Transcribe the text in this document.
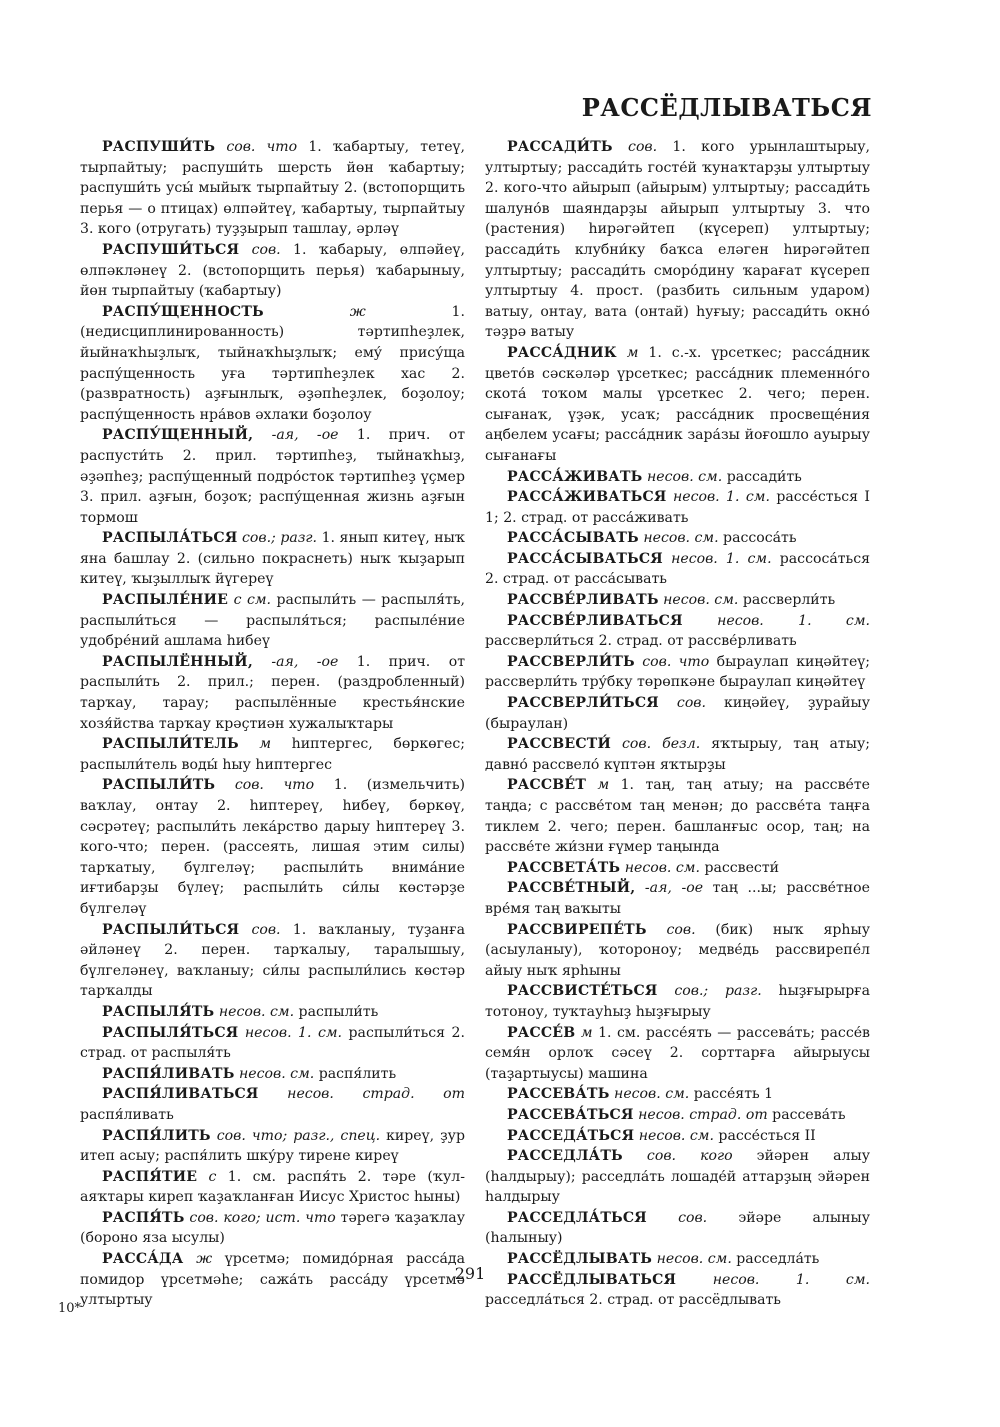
РАССЁДЛЫВАТЬСЯ

РАСПУШИ́ТЬ сов. что 1. ҡабартыу, тетеү, тырпайтыу; распуши́ть шерсть йөн ҡабартыу; распуши́ть усы́ мыйыҡ тырпайтыу 2. (встопорщить перья — о птицах) өлпәйтеү, ҡабартыу, тырпайтыу 3. кого (отругать) туҙҙырып ташлау, әрләү

РАСПУШИ́ТЬСЯ сов. 1. ҡабарыу, өлпәйеү, өлпәкләнеү 2. (встопорщить перья) ҡабарыныу, йөн тырпайтыу (ҡабартыу)

РАСПУ́ЩЕННОСТЬ ж 1. (недисциплинированность) тәртипһеҙлек, йыйнаҡһыҙлыҡ, тыйнаҡһыҙлыҡ; ему́ прису́ща распу́щенность уға тәртипһеҙлек хас 2. (развратность) аҙғынлыҡ, әҙәпһеҙлек, боҙолоу; распу́щенность нра́вов әхлаҡи боҙолоу

РАСПУ́ЩЕННЫЙ, -ая, -ое 1. прич. от распусти́ть 2. прил. тәртипһеҙ, тыйнаҡһыҙ, әҙәпһеҙ; распу́щенный подро́сток тәртипһеҙ үҫмер 3. прил. аҙғын, боҙоҡ; распу́щенная жизнь аҙғын тормош

РАСПЫЛА́ТЬСЯ сов.; разг. 1. янып китеү, ныҡ яна башлау 2. (сильно покраснеть) ныҡ ҡыҙарып китеү, ҡыҙыллыҡ йүгереү

РАСПЫЛЕ́НИЕ с см. распыли́ть — распыля́ть, распыли́ться — распыля́ться; распыле́ние удобре́ний ашлама һибеү

РАСПЫЛЁННЫЙ, -ая, -ое 1. прич. от распыли́ть 2. прил.; перен. (раздробленный) тарҡау, тарау; распылённые крестья́нские хозя́йства тарҡау крәҫтиән хужалыҡтары

РАСПЫЛИ́ТЕЛЬ м һиптергес, бөркөгес; распыли́тель воды́ һыу һиптергес

РАСПЫЛИ́ТЬ сов. что 1. (измельчить) ваҡлау, онтау 2. һиптереү, һибеү, бөркөү, сәсрәтеү; распыли́ть лека́рство дарыу һиптереү 3. кого-что; перен. (рассеять, лишая этим силы) тарҡатыу, бүлгеләү; распыли́ть внима́ние иғтибарҙы бүлеү; распыли́ть си́лы көстәрҙе бүлгеләү

РАСПЫЛИ́ТЬСЯ сов. 1. ваҡланыу, туҙанға әйләнеү 2. перен. тарҡалыу, таралышыу, бүлгеләнеү, ваҡланыу; си́лы распыли́лись көстәр тарҡалды

РАСПЫЛЯ́ТЬ несов. см. распыли́ть

РАСПЫЛЯ́ТЬСЯ несов. 1. см. распыли́ться 2. страд. от распыля́ть

РАСПЯ́ЛИВАТЬ несов. см. распя́лить

РАСПЯ́ЛИВАТЬСЯ несов. страд. от распя́ливать

РАСПЯ́ЛИТЬ сов. что; разг., спец. киреү, ҙур итеп асыу; распя́лить шку́ру тирене киреү

РАСПЯ́ТИЕ с 1. см. распя́ть 2. тәре (ҡул-аяҡтары киреп ҡаҙаҡланған Иисус Христос һыны)

РАСПЯ́ТЬ сов. кого; ист. что тәрегә ҡаҙаҡлау (бороно яза ысулы)

РАССА́ДА ж үрсетмә; помидо́рная расса́да помидор үрсетмәһе; сажа́ть расса́ду үрсетмә ултыртыу

РАССАДИ́ТЬ сов. 1. кого урынлаштырыу, ултыртыу; рассади́ть госте́й ҡунаҡтарҙы ултыртыу 2. кого-что айырып (айырым) ултыртыу; рассади́ть шалуно́в шаяндарҙы айырып ултыртыу 3. что (растения) һирәгәйтеп (күсереп) ултыртыу; рассади́ть клубни́ку баҡса еләген һирәгәйтеп ултыртыу; рассади́ть сморо́дину ҡарағат күсереп ултыртыу 4. прост. (разбить сильным ударом) ватыу, онтау, вата (онтай) һуғыу; рассади́ть окно́ тәҙрә ватыу

РАССА́ДНИК м 1. с.-х. үрсеткес; расса́дник цвето́в сәскәләр үрсеткес; расса́дник племенно́го скота́ тоҡом малы үрсеткес 2. чего; перен. сығанаҡ, үҙәк, усаҡ; расса́дник просвеще́ния аңбелем усағы; расса́дник зара́зы йоғошло ауырыу сығанағы

РАССА́ЖИВАТЬ несов. см. рассади́ть

РАССА́ЖИВАТЬСЯ несов. 1. см. рассе́сться I 1; 2. страд. от расса́живать

РАССА́СЫВАТЬ несов. см. рассоса́ть

РАССА́СЫВАТЬСЯ несов. 1. см. рассоса́ться 2. страд. от расса́сывать

РАССВЕ́РЛИВАТЬ несов. см. рассверли́ть

РАССВЕ́РЛИВАТЬСЯ несов. 1. см. рассверли́ться 2. страд. от рассве́рливать

РАССВЕРЛИ́ТЬ сов. что быраулап киңәйтеү; рассверли́ть тру́бку төрөпкәне быраулап киңәйтеү

РАССВЕРЛИ́ТЬСЯ сов. киңәйеү, ҙурайыу (быраулан)

РАССВЕСТИ́ сов. безл. яҡтырыу, таң атыу; давно́ рассвело́ күптән яҡтырҙы

РАССВЕ́Т м 1. таң, таң атыу; на рассве́те таңда; с рассве́том таң менән; до рассве́та таңға тиклем 2. чего; перен. башланғыс осор, таң; на рассве́те жи́зни ғүмер таңында

РАССВЕТА́ТЬ несов. см. рассвести́

РАССВЕ́ТНЫЙ, -ая, -ое таң ...ы; рассве́тное вре́мя таң ваҡыты

РАССВИРЕПЕ́ТЬ сов. (бик) ныҡ ярһыу (асыуланыу), ҡотороноу; медве́дь рассвирепе́л айыу ныҡ ярһыны

РАССВИСТЕ́ТЬСЯ сов.; разг. һыҙғырырға тотоноу, туҡтауһыҙ һыҙғырыу

РАССЕ́В м 1. см. рассе́ять — рассева́ть; рассе́в семя́н орлоҡ сәсеү 2. сорттарға айырыусы (таҙартыусы) машина

РАССЕВА́ТЬ несов. см. рассе́ять 1

РАССЕВА́ТЬСЯ несов. страд. от рассева́ть

РАССЕДА́ТЬСЯ несов. см. рассе́сться II

РАССЕДЛА́ТЬ сов. кого эйәрен алыу (һалдырыу); расседла́ть лошаде́й аттарҙың эйәрен һалдырыу

РАССЕДЛА́ТЬСЯ сов. эйәре алыныу (һалыныу)

РАССЁДЛЫВАТЬ несов. см. расседла́ть

РАССЁДЛЫВАТЬСЯ несов. 1. см. расседла́ться 2. страд. от рассёдлывать

291

10*
